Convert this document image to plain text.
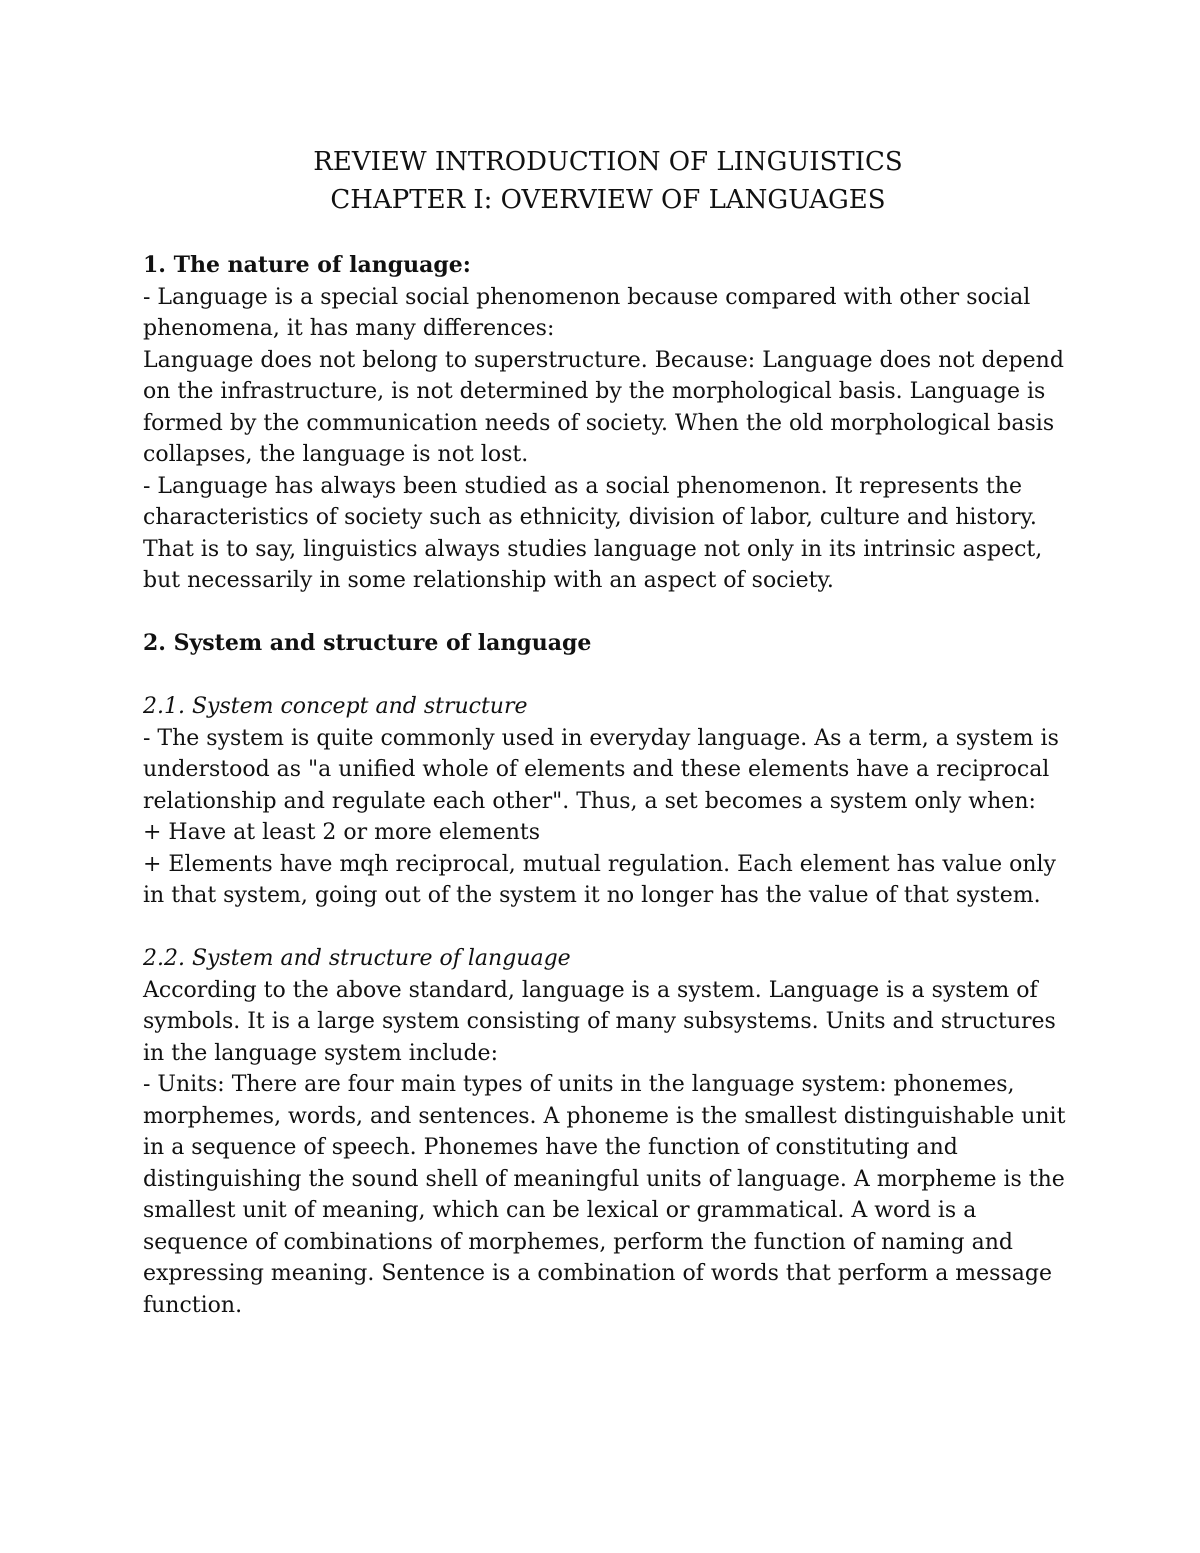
REVIEW INTRODUCTION OF LINGUISTICS
CHAPTER I: OVERVIEW OF LANGUAGES
1. The nature of language:

- Language is a special social phenomenon because compared with other social phenomena, it has many differences:

Language does not belong to superstructure. Because: Language does not depend on the infrastructure, is not determined by the morphological basis. Language is formed by the communication needs of society. When the old morphological basis collapses, the language is not lost.

- Language has always been studied as a social phenomenon. It represents the characteristics of society such as ethnicity, division of labor, culture and history. That is to say, linguistics always studies language not only in its intrinsic aspect, but necessarily in some relationship with an aspect of society.

2. System and structure of language
2.1. System concept and structure

- The system is quite commonly used in everyday language. As a term, a system is understood as "a unified whole of elements and these elements have a reciprocal relationship and regulate each other". Thus, a set becomes a system only when:

+ Have at least 2 or more elements

+ Elements have mqh reciprocal, mutual regulation. Each element has value only in that system, going out of the system it no longer has the value of that system.

2.2. System and structure of language

According to the above standard, language is a system. Language is a system of symbols. It is a large system consisting of many subsystems. Units and structures in the language system include:

- Units: There are four main types of units in the language system: phonemes, morphemes, words, and sentences. A phoneme is the smallest distinguishable unit in a sequence of speech. Phonemes have the function of constituting and distinguishing the sound shell of meaningful units of language. A morpheme is the smallest unit of meaning, which can be lexical or grammatical. A word is a sequence of combinations of morphemes, perform the function of naming and expressing meaning. Sentence is a combination of words that perform a message function.
